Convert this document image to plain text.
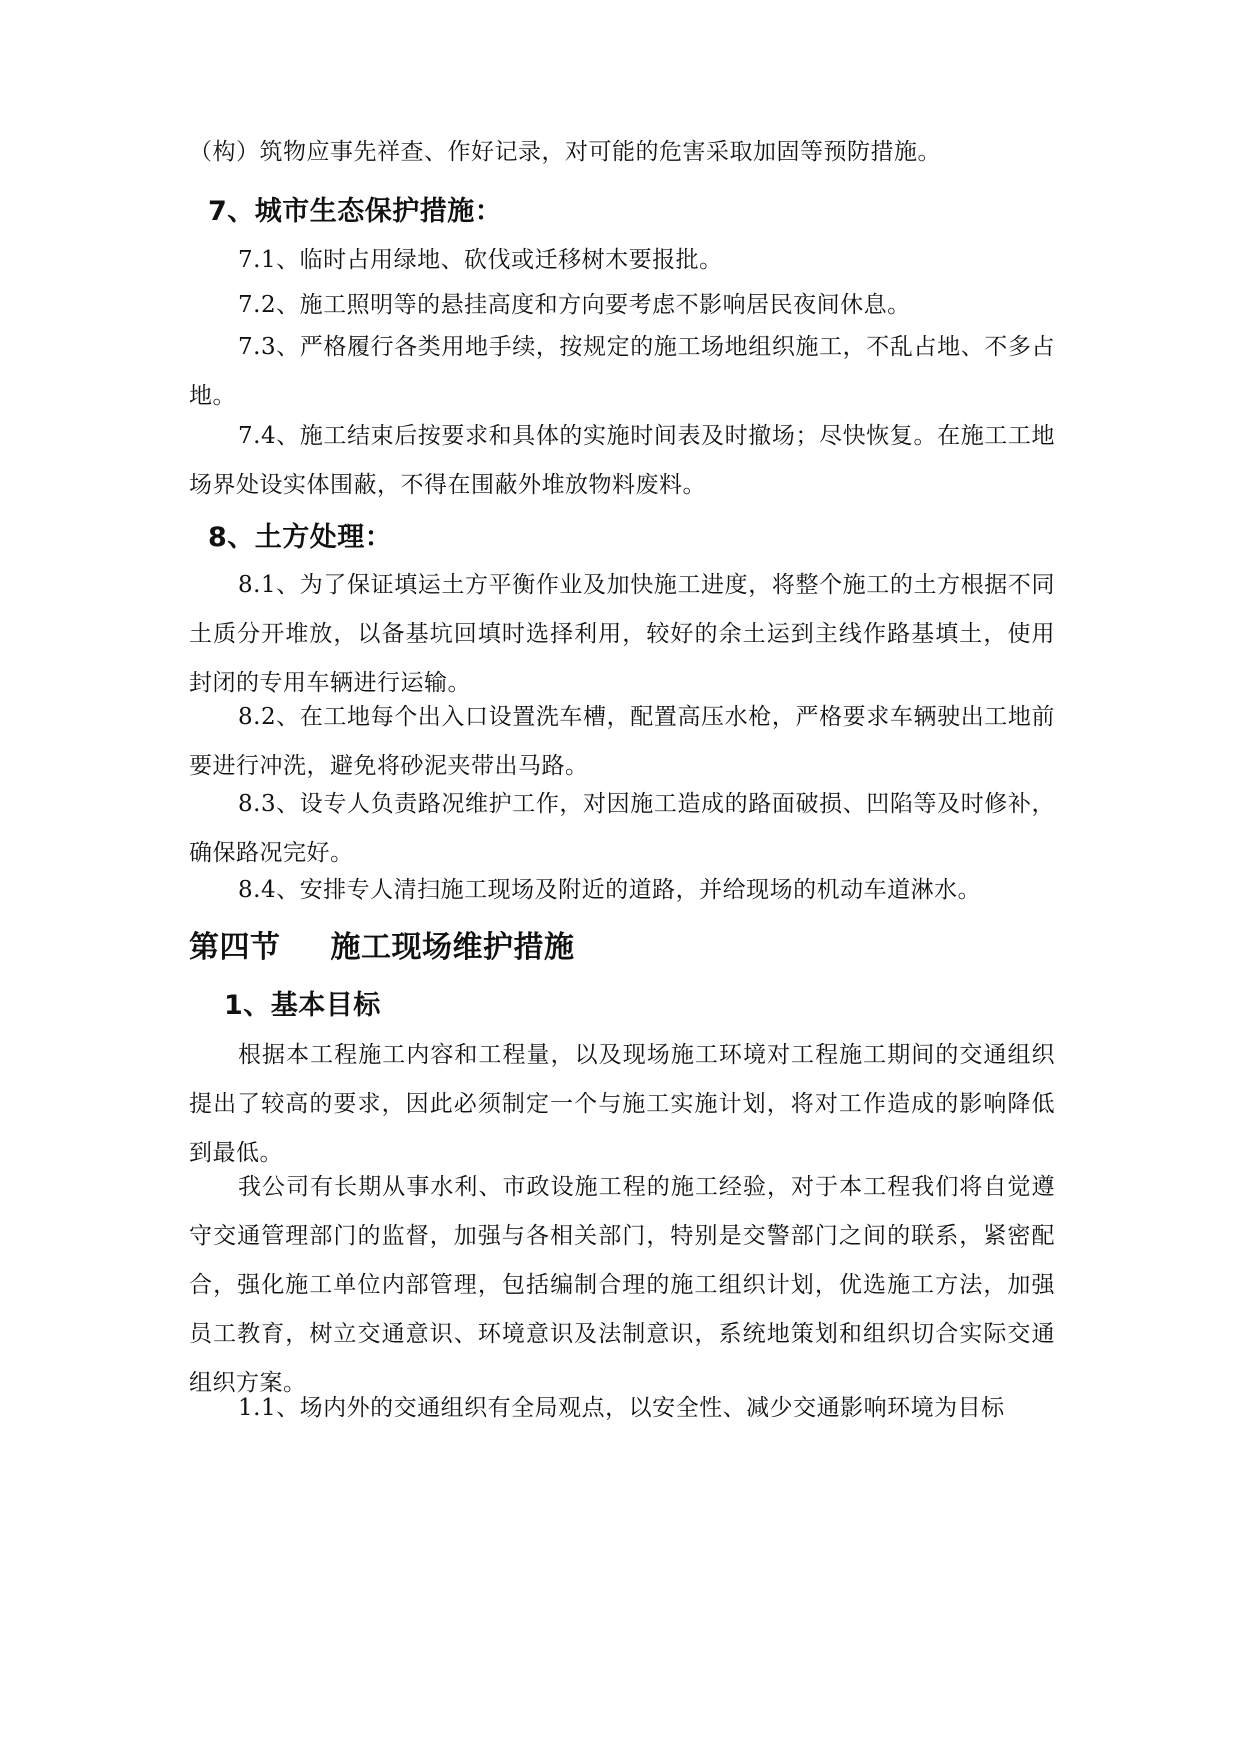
（构）筑物应事先祥查、作好记录，对可能的危害采取加固等预防措施。

7、城市生态保护措施：

7.1、临时占用绿地、砍伐或迁移树木要报批。

7.2、施工照明等的悬挂高度和方向要考虑不影响居民夜间休息。

7.3、严格履行各类用地手续，按规定的施工场地组织施工，不乱占地、不多占地。

7.4、施工结束后按要求和具体的实施时间表及时撤场；尽快恢复。在施工工地场界处设实体围蔽，不得在围蔽外堆放物料废料。

8、土方处理：

8.1、为了保证填运土方平衡作业及加快施工进度，将整个施工的土方根据不同土质分开堆放，以备基坑回填时选择利用，较好的余土运到主线作路基填土，使用封闭的专用车辆进行运输。

8.2、在工地每个出入口设置洗车槽，配置高压水枪，严格要求车辆驶出工地前要进行冲洗，避免将砂泥夹带出马路。

8.3、设专人负责路况维护工作，对因施工造成的路面破损、凹陷等及时修补，确保路况完好。

8.4、安排专人清扫施工现场及附近的道路，并给现场的机动车道淋水。

第四节 施工现场维护措施
1、基本目标

根据本工程施工内容和工程量，以及现场施工环境对工程施工期间的交通组织提出了较高的要求，因此必须制定一个与施工实施计划，将对工作造成的影响降低到最低。

我公司有长期从事水利、市政设施工程的施工经验，对于本工程我们将自觉遵守交通管理部门的监督，加强与各相关部门，特别是交警部门之间的联系，紧密配合，强化施工单位内部管理，包括编制合理的施工组织计划，优选施工方法，加强员工教育，树立交通意识、环境意识及法制意识，系统地策划和组织切合实际交通组织方案。

1.1、场内外的交通组织有全局观点，以安全性、减少交通影响环境为目标
